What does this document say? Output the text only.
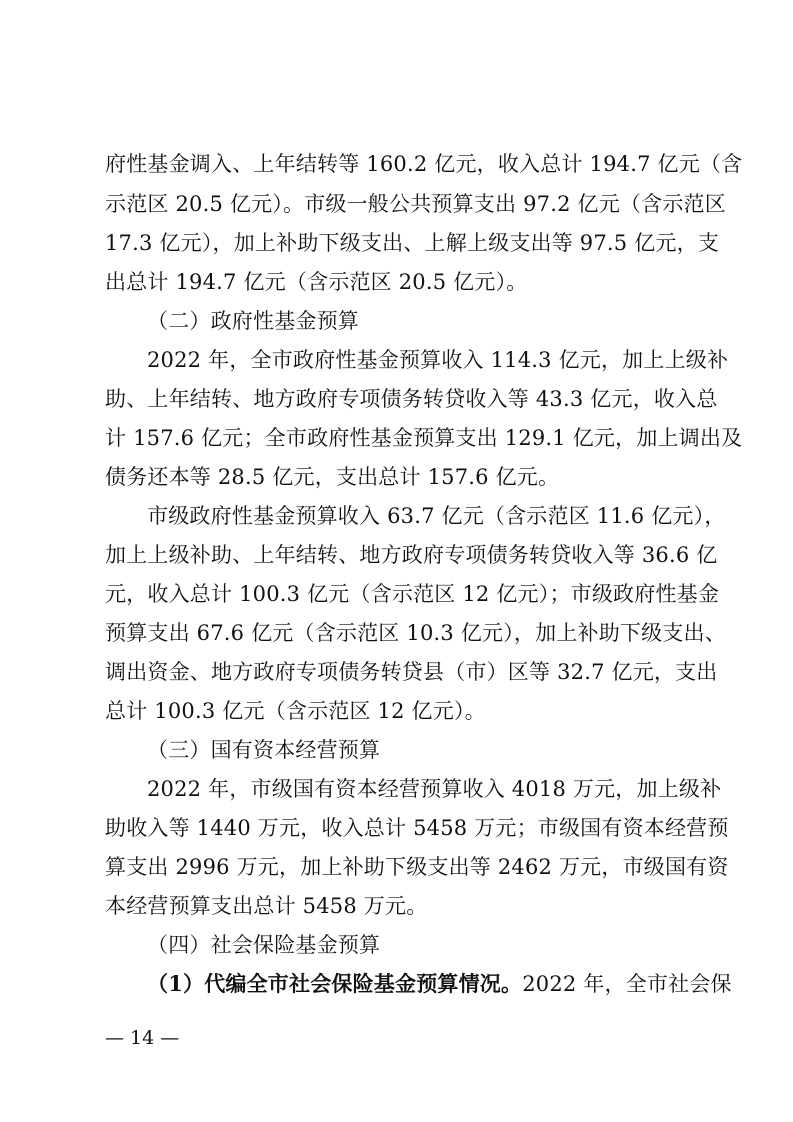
府性基金调入、上年结转等 160.2 亿元，收入总计 194.7 亿元（含
示范区 20.5 亿元）。市级一般公共预算支出 97.2 亿元（含示范区
17.3 亿元），加上补助下级支出、上解上级支出等 97.5 亿元，支
出总计 194.7 亿元（含示范区 20.5 亿元）。
（二）政府性基金预算
2022 年，全市政府性基金预算收入 114.3 亿元，加上上级补
助、上年结转、地方政府专项债务转贷收入等 43.3 亿元，收入总
计 157.6 亿元；全市政府性基金预算支出 129.1 亿元，加上调出及
债务还本等 28.5 亿元，支出总计 157.6 亿元。
市级政府性基金预算收入 63.7 亿元（含示范区 11.6 亿元），
加上上级补助、上年结转、地方政府专项债务转贷收入等 36.6 亿
元，收入总计 100.3 亿元（含示范区 12 亿元）；市级政府性基金
预算支出 67.6 亿元（含示范区 10.3 亿元），加上补助下级支出、
调出资金、地方政府专项债务转贷县（市）区等 32.7 亿元，支出
总计 100.3 亿元（含示范区 12 亿元）。
（三）国有资本经营预算
2022 年，市级国有资本经营预算收入 4018 万元，加上级补
助收入等 1440 万元，收入总计 5458 万元；市级国有资本经营预
算支出 2996 万元，加上补助下级支出等 2462 万元，市级国有资
本经营预算支出总计 5458 万元。
（四）社会保险基金预算
（1）代编全市社会保险基金预算情况。2022 年，全市社会保
— 14 —
